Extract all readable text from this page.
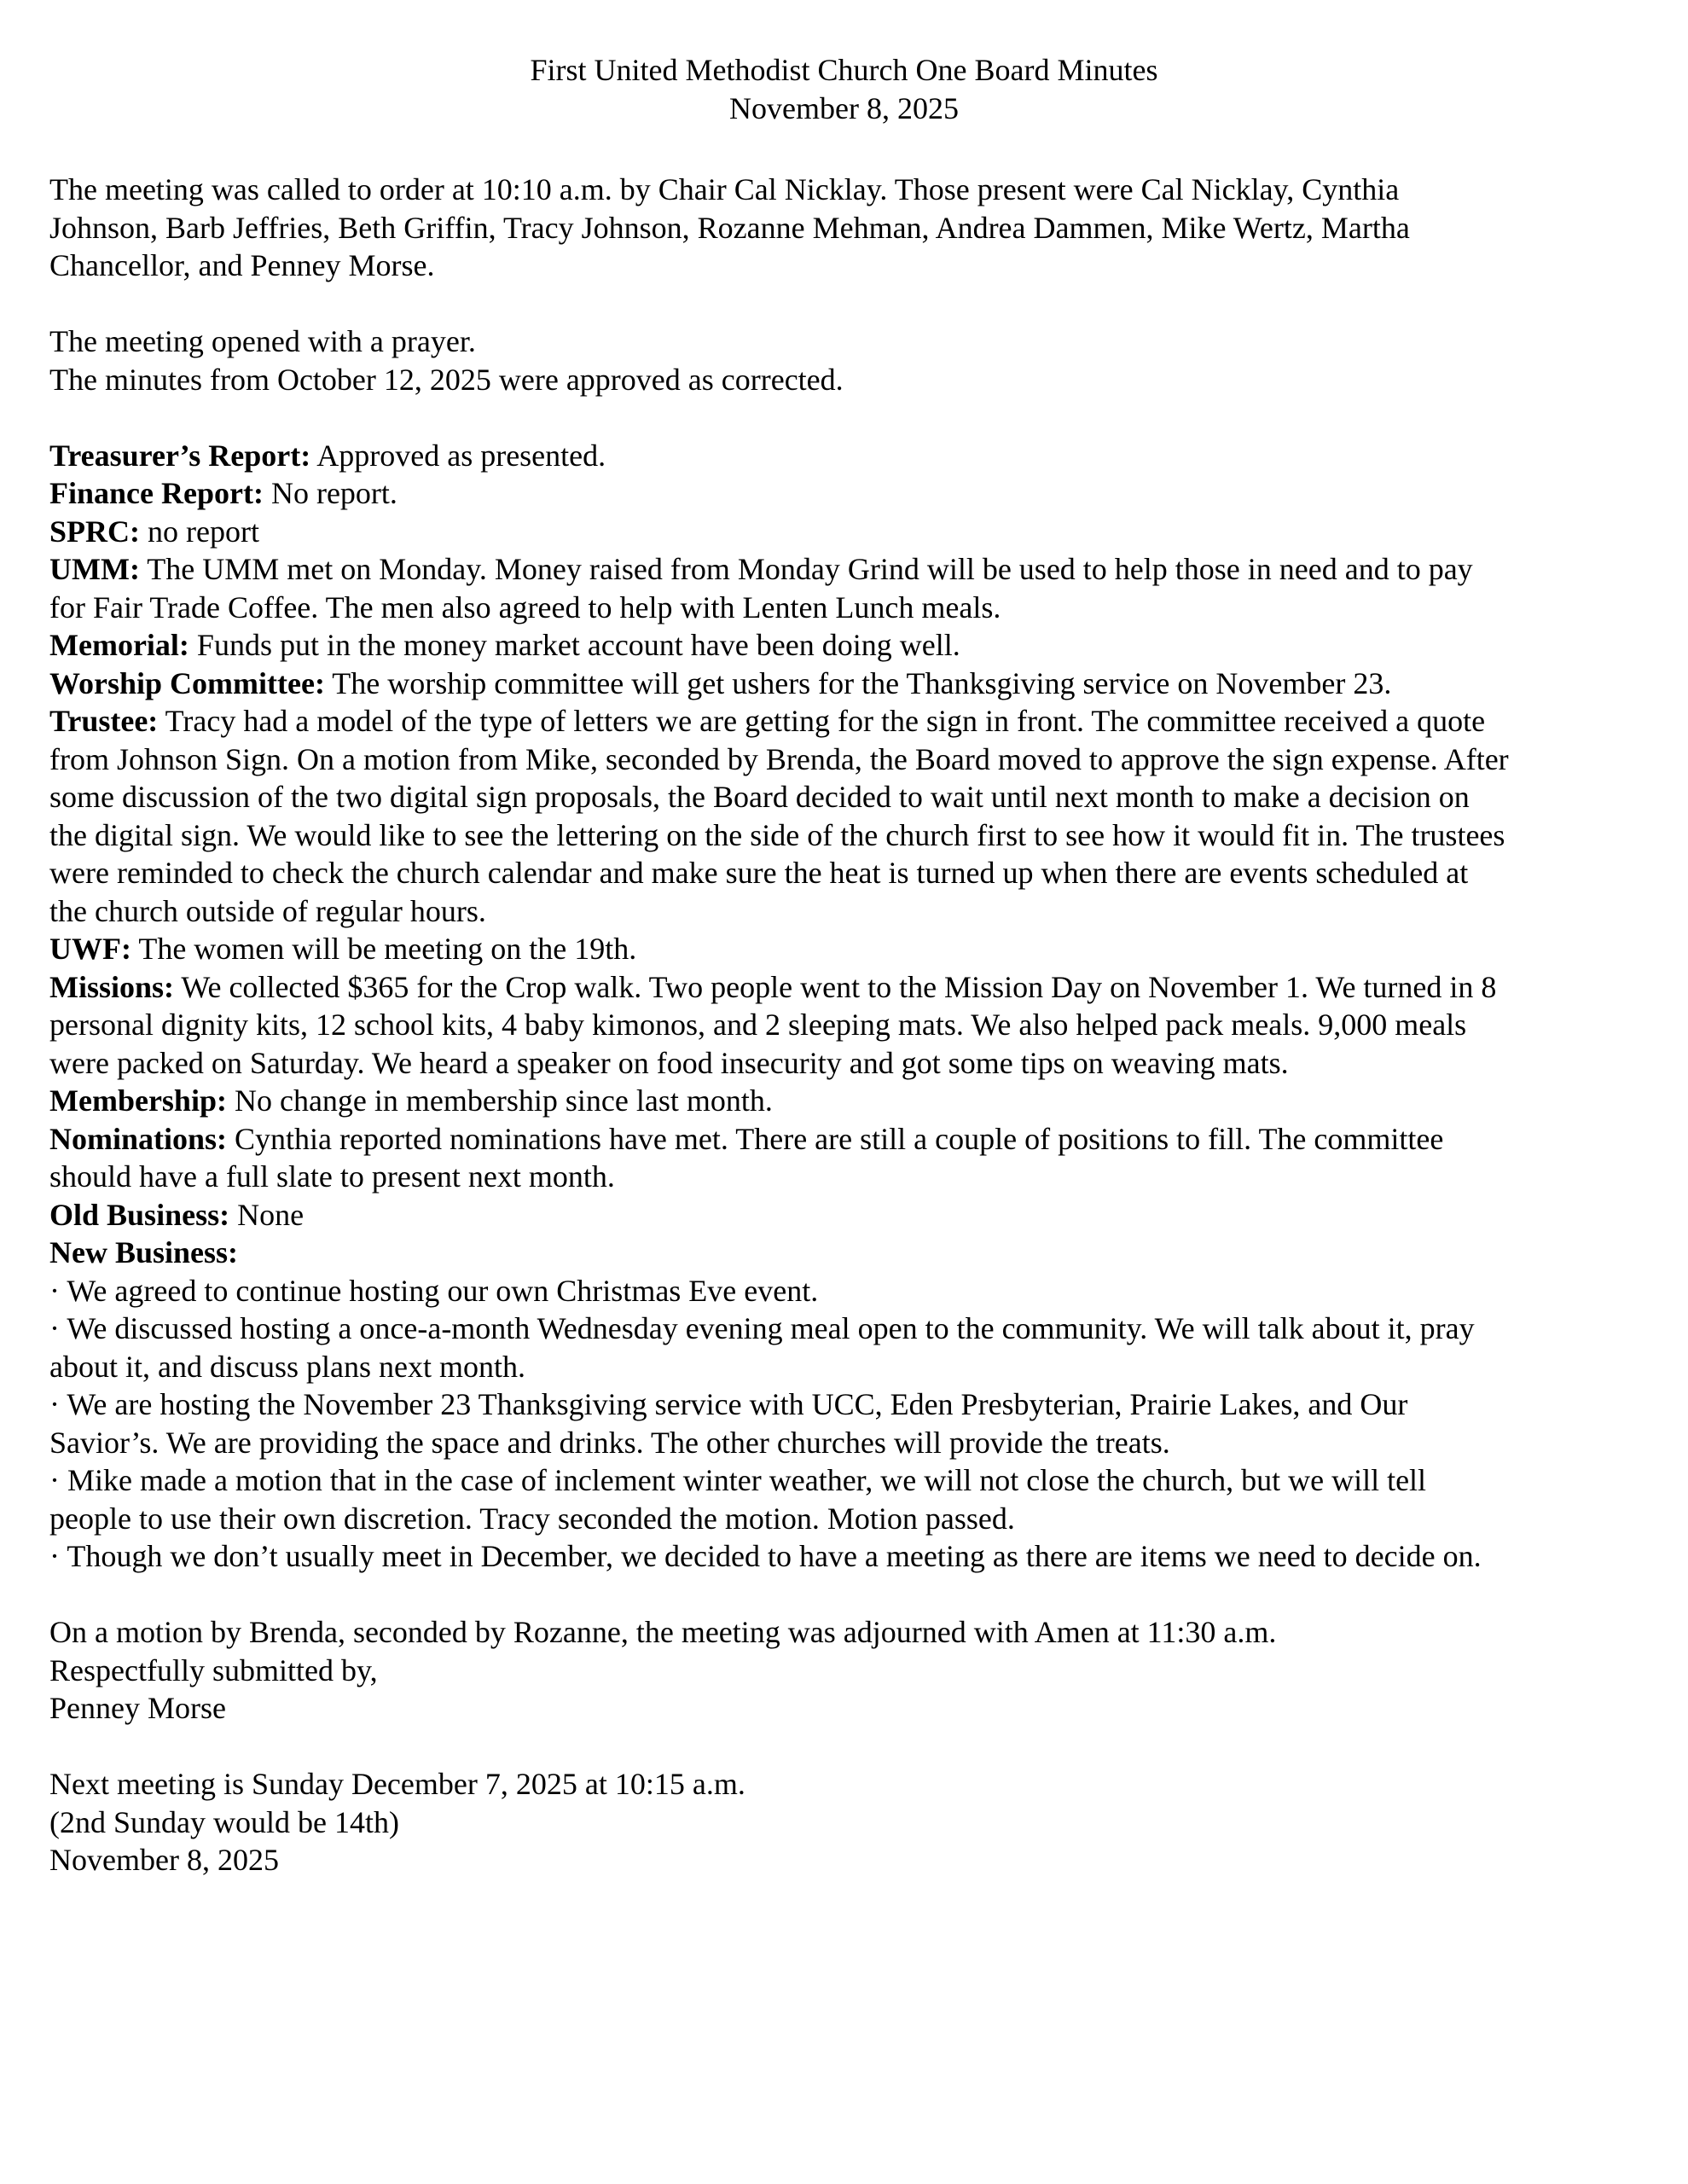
First United Methodist Church One Board Minutes
November 8, 2025
The meeting was called to order at 10:10 a.m. by Chair Cal Nicklay. Those present were Cal Nicklay, Cynthia
Johnson, Barb Jeffries, Beth Griffin, Tracy Johnson, Rozanne Mehman, Andrea Dammen, Mike Wertz, Martha
Chancellor, and Penney Morse.
The meeting opened with a prayer.
The minutes from October 12, 2025 were approved as corrected.
Treasurer’s Report: Approved as presented.
Finance Report: No report.
SPRC: no report
UMM: The UMM met on Monday. Money raised from Monday Grind will be used to help those in need and to pay
for Fair Trade Coffee. The men also agreed to help with Lenten Lunch meals.
Memorial: Funds put in the money market account have been doing well.
Worship Committee: The worship committee will get ushers for the Thanksgiving service on November 23.
Trustee: Tracy had a model of the type of letters we are getting for the sign in front. The committee received a quote
from Johnson Sign. On a motion from Mike, seconded by Brenda, the Board moved to approve the sign expense. After
some discussion of the two digital sign proposals, the Board decided to wait until next month to make a decision on
the digital sign. We would like to see the lettering on the side of the church first to see how it would fit in. The trustees
were reminded to check the church calendar and make sure the heat is turned up when there are events scheduled at
the church outside of regular hours.
UWF: The women will be meeting on the 19th.
Missions: We collected $365 for the Crop walk. Two people went to the Mission Day on November 1. We turned in 8
personal dignity kits, 12 school kits, 4 baby kimonos, and 2 sleeping mats. We also helped pack meals. 9,000 meals
were packed on Saturday. We heard a speaker on food insecurity and got some tips on weaving mats.
Membership: No change in membership since last month.
Nominations: Cynthia reported nominations have met. There are still a couple of positions to fill. The committee
should have a full slate to present next month.
Old Business: None
New Business:
· We agreed to continue hosting our own Christmas Eve event.
· We discussed hosting a once-a-month Wednesday evening meal open to the community. We will talk about it, pray
about it, and discuss plans next month.
· We are hosting the November 23 Thanksgiving service with UCC, Eden Presbyterian, Prairie Lakes, and Our
Savior’s. We are providing the space and drinks. The other churches will provide the treats.
· Mike made a motion that in the case of inclement winter weather, we will not close the church, but we will tell
people to use their own discretion. Tracy seconded the motion. Motion passed.
· Though we don’t usually meet in December, we decided to have a meeting as there are items we need to decide on.
On a motion by Brenda, seconded by Rozanne, the meeting was adjourned with Amen at 11:30 a.m.
Respectfully submitted by,
Penney Morse
Next meeting is Sunday December 7, 2025 at 10:15 a.m.
(2nd Sunday would be 14th)
November 8, 2025
